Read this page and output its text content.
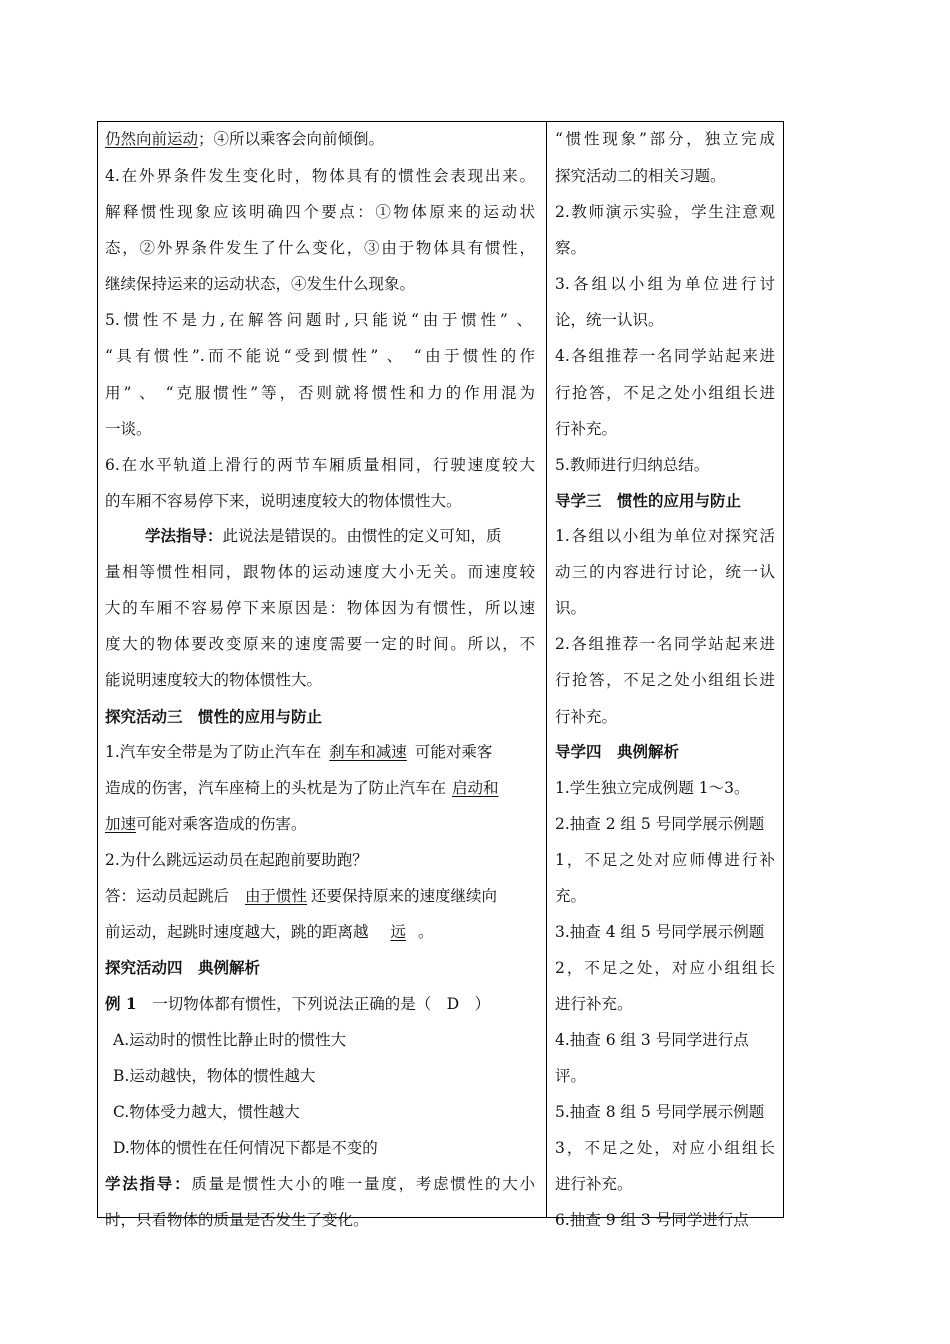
仍然向前运动；④所以乘客会向前倾倒。
4.在外界条件发生变化时，物体具有的惯性会表现出来。
解释惯性现象应该明确四个要点：①物体原来的运动状
态，②外界条件发生了什么变化，③由于物体具有惯性，
继续保持运来的运动状态，④发生什么现象。
5.惯性不是力,在解答问题时,只能说“由于惯性” 、
“具有惯性”.而不能说“受到惯性” 、 “由于惯性的作
用” 、 “克服惯性”等，否则就将惯性和力的作用混为
一谈。
6.在水平轨道上滑行的两节车厢质量相同，行驶速度较大
的车厢不容易停下来，说明速度较大的物体惯性大。
学法指导：此说法是错误的。由惯性的定义可知，质
量相等惯性相同，跟物体的运动速度大小无关。而速度较
大的车厢不容易停下来原因是：物体因为有惯性，所以速
度大的物体要改变原来的速度需要一定的时间。所以，不
能说明速度较大的物体惯性大。
探究活动三　惯性的应用与防止
1.汽车安全带是为了防止汽车在 刹车和减速 可能对乘客
造成的伤害，汽车座椅上的头枕是为了防止汽车在 启动和
加速可能对乘客造成的伤害。
2.为什么跳远运动员在起跑前要助跑？
答：运动员起跳后 由于惯性 还要保持原来的速度继续向
前运动，起跳时速度越大，跳的距离越 远 。
探究活动四　典例解析
例 1　一切物体都有惯性，下列说法正确的是（　D　）
A.运动时的惯性比静止时的惯性大
B.运动越快，物体的惯性越大
C.物体受力越大，惯性越大
D.物体的惯性在任何情况下都是不变的
学法指导：质量是惯性大小的唯一量度，考虑惯性的大小
时，只看物体的质量是否发生了变化。
“惯性现象”部分，独立完成
探究活动二的相关习题。
2.教师演示实验，学生注意观
察。
3.各组以小组为单位进行讨
论，统一认识。
4.各组推荐一名同学站起来进
行抢答，不足之处小组组长进
行补充。
5.教师进行归纳总结。
导学三　惯性的应用与防止
1.各组以小组为单位对探究活
动三的内容进行讨论，统一认
识。
2.各组推荐一名同学站起来进
行抢答，不足之处小组组长进
行补充。
导学四　典例解析
1.学生独立完成例题 1～3。
2.抽查 2 组 5 号同学展示例题
1，不足之处对应师傅进行补
充。
3.抽查 4 组 5 号同学展示例题
2，不足之处，对应小组组长
进行补充。
4.抽查 6 组 3 号同学进行点
评。
5.抽查 8 组 5 号同学展示例题
3，不足之处，对应小组组长
进行补充。
6.抽查 9 组 3 号同学进行点
